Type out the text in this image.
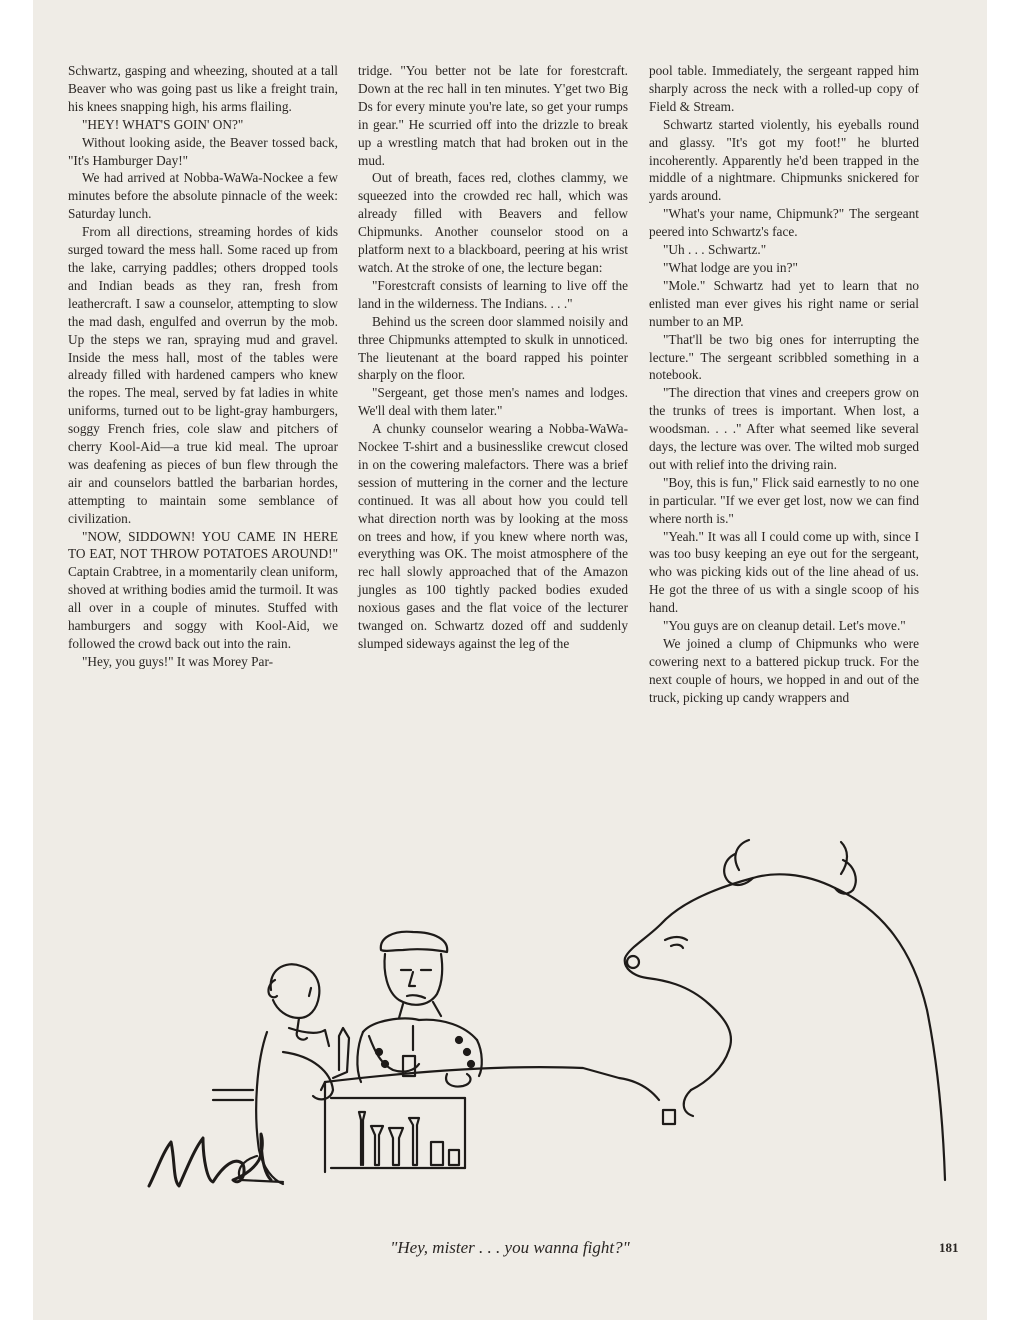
Schwartz, gasping and wheezing, shouted at a tall Beaver who was going past us like a freight train, his knees snapping high, his arms flailing.

"HEY! WHAT'S GOIN' ON?"

Without looking aside, the Beaver tossed back, "It's Hamburger Day!"

We had arrived at Nobba-WaWa-Nockee a few minutes before the absolute pinnacle of the week: Saturday lunch.

From all directions, streaming hordes of kids surged toward the mess hall. Some raced up from the lake, carrying paddles; others dropped tools and Indian beads as they ran, fresh from leathercraft. I saw a counselor, attempting to slow the mad dash, engulfed and overrun by the mob. Up the steps we ran, spraying mud and gravel. Inside the mess hall, most of the tables were already filled with hardened campers who knew the ropes. The meal, served by fat ladies in white uniforms, turned out to be light-gray hamburgers, soggy French fries, cole slaw and pitchers of cherry Kool-Aid—a true kid meal. The uproar was deafening as pieces of bun flew through the air and counselors battled the barbarian hordes, attempting to maintain some semblance of civilization.

"NOW, SIDDOWN! YOU CAME IN HERE TO EAT, NOT THROW POTATOES AROUND!" Captain Crabtree, in a momentarily clean uniform, shoved at writhing bodies amid the turmoil. It was all over in a couple of minutes. Stuffed with hamburgers and soggy with Kool-Aid, we followed the crowd back out into the rain.

"Hey, you guys!" It was Morey Par-

tridge. "You better not be late for forestcraft. Down at the rec hall in ten minutes. Y'get two Big Ds for every minute you're late, so get your rumps in gear." He scurried off into the drizzle to break up a wrestling match that had broken out in the mud.

Out of breath, faces red, clothes clammy, we squeezed into the crowded rec hall, which was already filled with Beavers and fellow Chipmunks. Another counselor stood on a platform next to a blackboard, peering at his wrist watch. At the stroke of one, the lecture began:

"Forestcraft consists of learning to live off the land in the wilderness. The Indians. . . ."

Behind us the screen door slammed noisily and three Chipmunks attempted to skulk in unnoticed. The lieutenant at the board rapped his pointer sharply on the floor.

"Sergeant, get those men's names and lodges. We'll deal with them later."

A chunky counselor wearing a Nobba-WaWa-Nockee T-shirt and a businesslike crewcut closed in on the cowering malefactors. There was a brief session of muttering in the corner and the lecture continued. It was all about how you could tell what direction north was by looking at the moss on trees and how, if you knew where north was, everything was OK. The moist atmosphere of the rec hall slowly approached that of the Amazon jungles as 100 tightly packed bodies exuded noxious gases and the flat voice of the lecturer twanged on. Schwartz dozed off and suddenly slumped sideways against the leg of the

pool table. Immediately, the sergeant rapped him sharply across the neck with a rolled-up copy of Field & Stream.

Schwartz started violently, his eyeballs round and glassy. "It's got my foot!" he blurted incoherently. Apparently he'd been trapped in the middle of a nightmare. Chipmunks snickered for yards around.

"What's your name, Chipmunk?" The sergeant peered into Schwartz's face.

"Uh . . . Schwartz."

"What lodge are you in?"

"Mole." Schwartz had yet to learn that no enlisted man ever gives his right name or serial number to an MP.

"That'll be two big ones for interrupting the lecture." The sergeant scribbled something in a notebook.

"The direction that vines and creepers grow on the trunks of trees is important. When lost, a woodsman. . . ." After what seemed like several days, the lecture was over. The wilted mob surged out with relief into the driving rain.

"Boy, this is fun," Flick said earnestly to no one in particular. "If we ever get lost, now we can find where north is."

"Yeah." It was all I could come up with, since I was too busy keeping an eye out for the sergeant, who was picking kids out of the line ahead of us. He got the three of us with a single scoop of his hand.

"You guys are on cleanup detail. Let's move."

We joined a clump of Chipmunks who were cowering next to a battered pickup truck. For the next couple of hours, we hopped in and out of the truck, picking up candy wrappers and

"Hey, mister . . . you wanna fight?"	181
